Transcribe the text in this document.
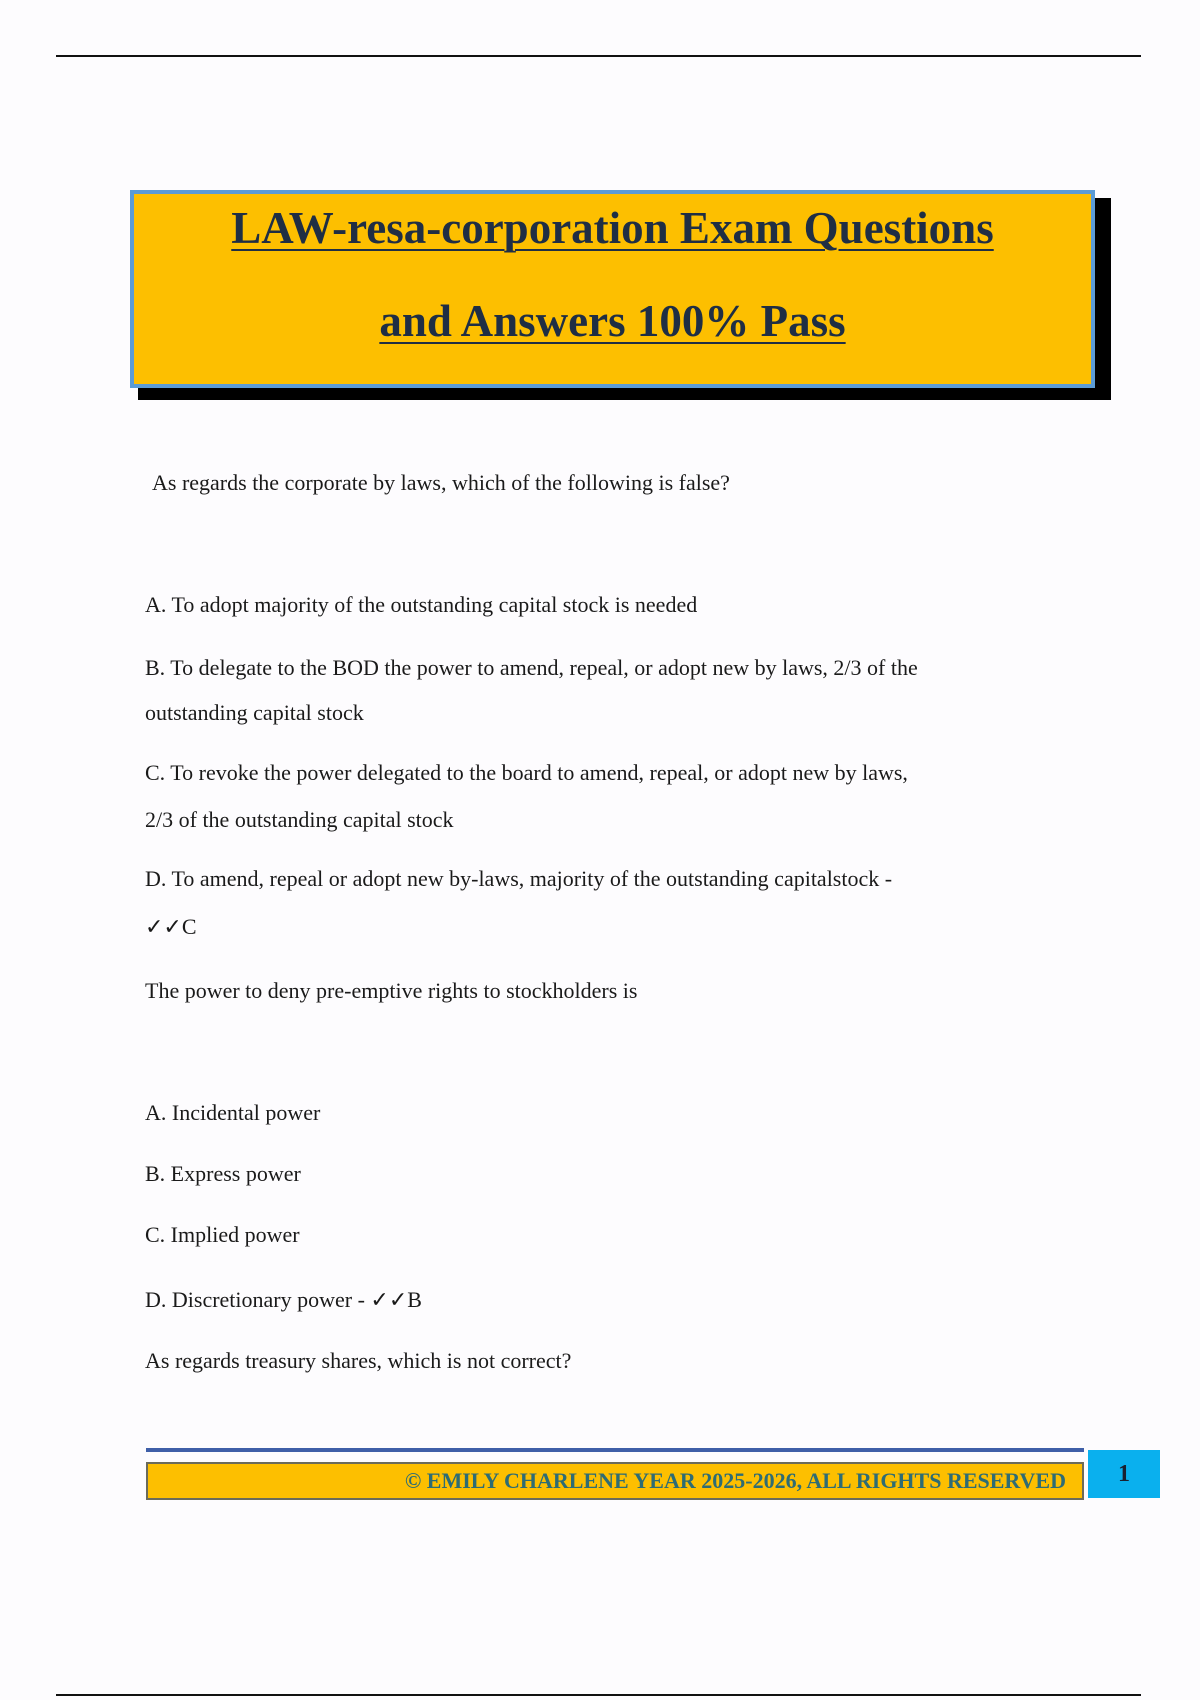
LAW-resa-corporation Exam Questions
and Answers 100% Pass
As regards the corporate by laws, which of the following is false?
A. To adopt majority of the outstanding capital stock is needed
B. To delegate to the BOD the power to amend, repeal, or adopt new by laws, 2/3 of the
outstanding capital stock
C. To revoke the power delegated to the board to amend, repeal, or adopt new by laws,
2/3 of the outstanding capital stock
D. To amend, repeal or adopt new by-laws, majority of the outstanding capitalstock -
✓✓C
The power to deny pre-emptive rights to stockholders is
A. Incidental power
B. Express power
C. Implied power
D. Discretionary power - ✓✓B
As regards treasury shares, which is not correct?
© EMILY CHARLENE YEAR 2025-2026, ALL RIGHTS RESERVED	1
